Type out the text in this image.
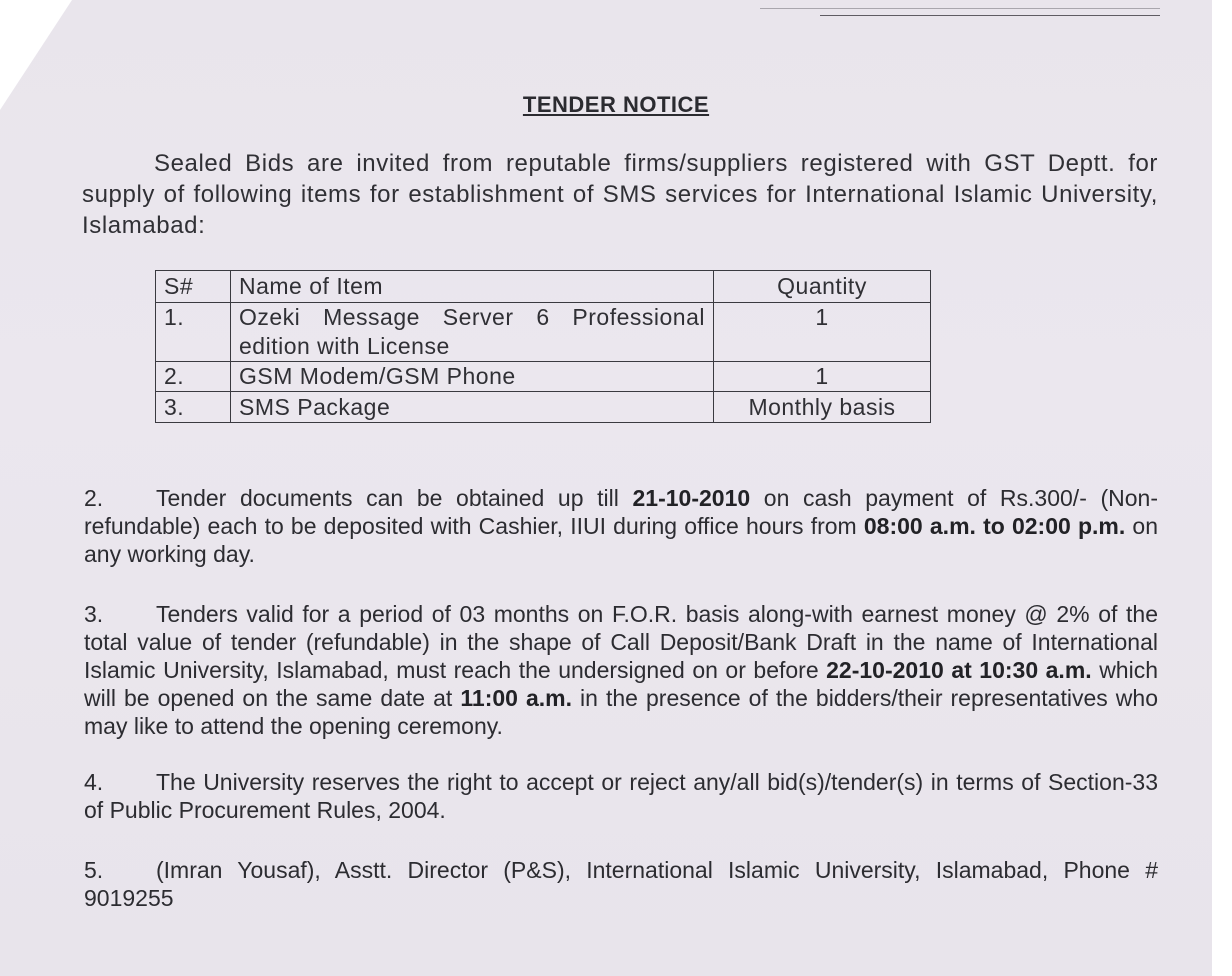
TENDER NOTICE
Sealed Bids are invited from reputable firms/suppliers registered with GST Deptt. for supply of following items for establishment of SMS services for International Islamic University, Islamabad:
S#	Name of Item	Quantity
1.	Ozeki Message Server 6 Professional edition with License	1
2.	GSM Modem/GSM Phone	1
3.	SMS Package	Monthly basis
2. Tender documents can be obtained up till 21-10-2010 on cash payment of Rs.300/- (Non-refundable) each to be deposited with Cashier, IIUI during office hours from 08:00 a.m. to 02:00 p.m. on any working day.
3. Tenders valid for a period of 03 months on F.O.R. basis along-with earnest money @ 2% of the total value of tender (refundable) in the shape of Call Deposit/Bank Draft in the name of International Islamic University, Islamabad, must reach the undersigned on or before 22-10-2010 at 10:30 a.m. which will be opened on the same date at 11:00 a.m. in the presence of the bidders/their representatives who may like to attend the opening ceremony.
4. The University reserves the right to accept or reject any/all bid(s)/tender(s) in terms of Section-33 of Public Procurement Rules, 2004.
5. (Imran Yousaf), Asstt. Director (P&S), International Islamic University, Islamabad, Phone # 9019255
